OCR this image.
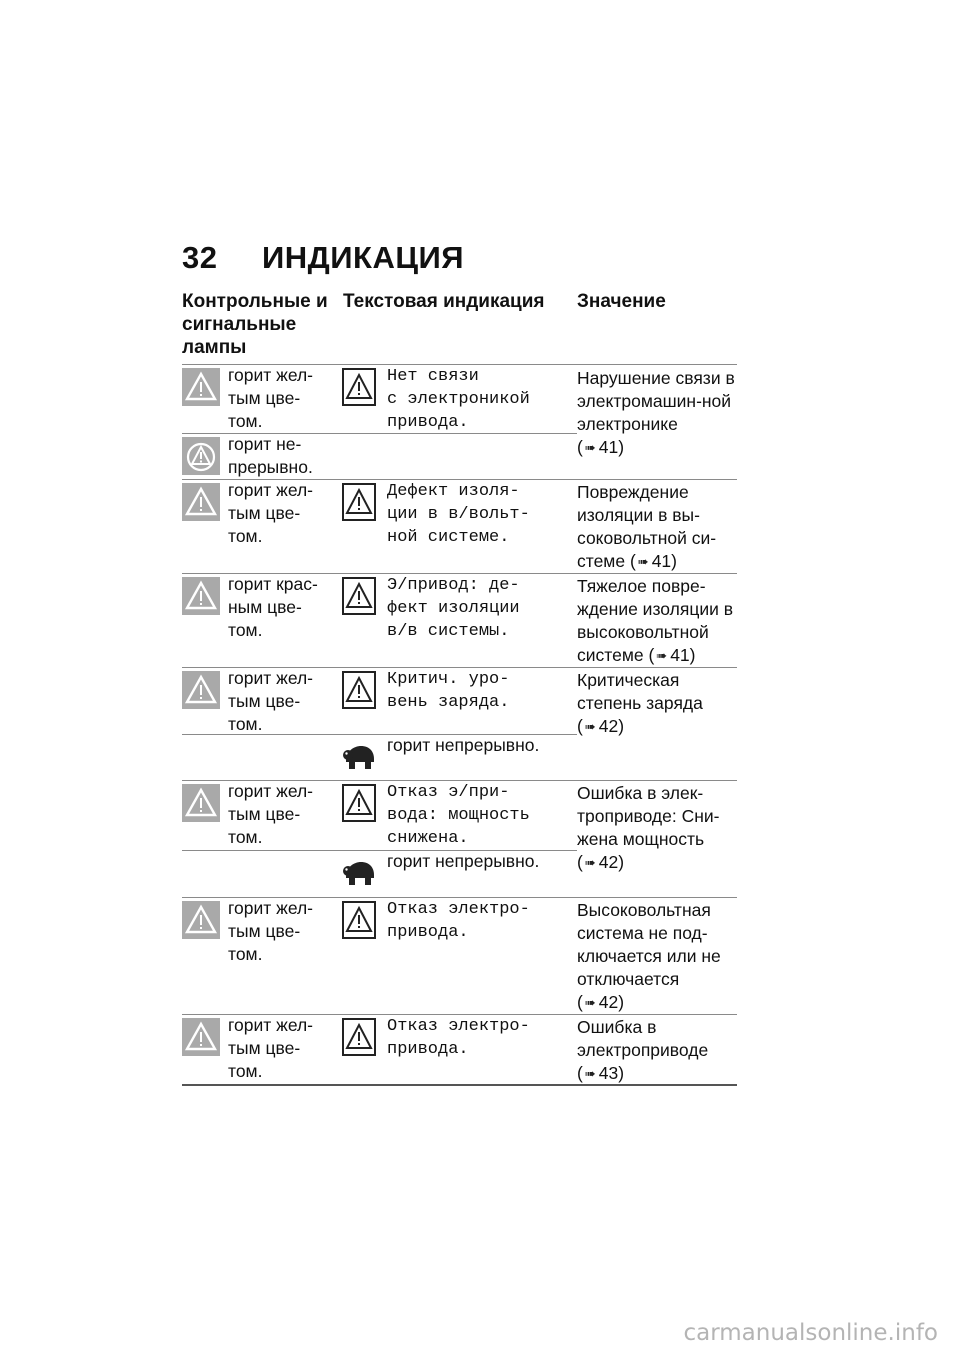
32 ИНДИКАЦИЯ
Контрольные и сигнальные лампы
Текстовая индикация	Значение
горит жел-
тым цве-
том.
Нет связи
с электроникой
привода.
Нарушение связи в электромашин-ной электронике
( ➠ 41)
горит не-
прерывно.
горит жел-
тым цве-
том.
Дефект изоля-
ции в в/вольт-
ной системе.
Повреждение изоляции в вы-соковольтной си-стеме ( ➠ 41)
горит крас-
ным цве-
том.
Э/привод: де-
фект изоляции
в/в системы.
Тяжелое повре-ждение изоляции в высоковольтной системе ( ➠ 41)
горит жел-
тым цве-
том.
Критич. уро-
вень заряда.
Критическая степень заряда
( ➠ 42)
горит непрерывно.
горит жел-
тым цве-
том.
Отказ э/при-
вода: мощность
снижена.
Ошибка в элек-троприводе: Сни-жена мощность
( ➠ 42)
горит непрерывно.
горит жел-
тым цве-
том.
Отказ электро-
привода.
Высоковольтная система не под-ключается или не отключается
( ➠ 42)
горит жел-
тым цве-
том.
Отказ электро-
привода.
Ошибка в электроприводе
( ➠ 43)
carmanualsonline.info
